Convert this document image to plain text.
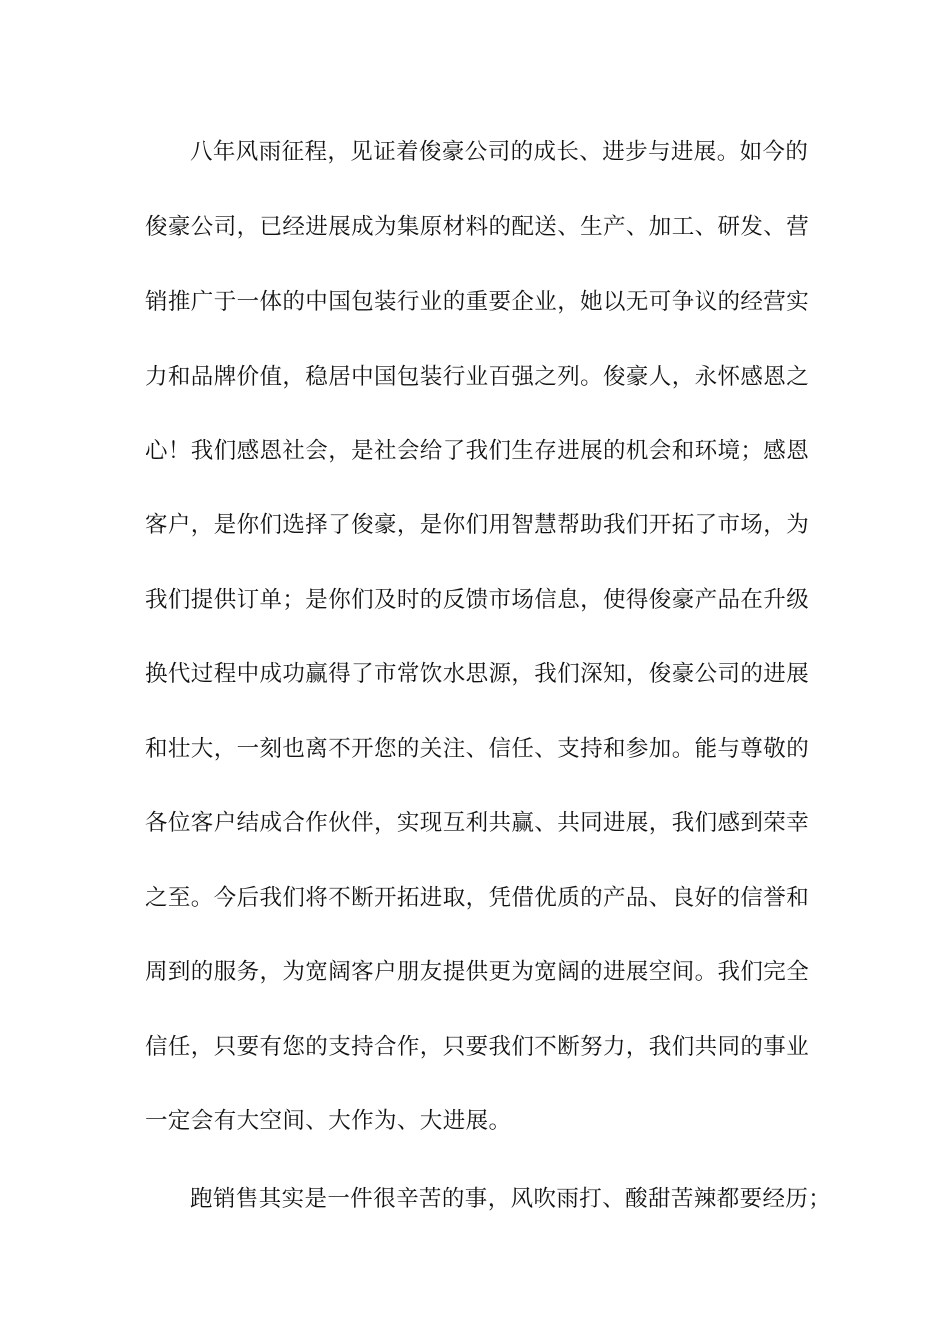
八年风雨征程，见证着俊豪公司的成长、进步与进展。如今的
俊豪公司，已经进展成为集原材料的配送、生产、加工、研发、营
销推广于一体的中国包装行业的重要企业，她以无可争议的经营实
力和品牌价值，稳居中国包装行业百强之列。俊豪人，永怀感恩之
心！我们感恩社会，是社会给了我们生存进展的机会和环境；感恩
客户，是你们选择了俊豪，是你们用智慧帮助我们开拓了市场，为
我们提供订单；是你们及时的反馈市场信息，使得俊豪产品在升级
换代过程中成功赢得了市常饮水思源，我们深知，俊豪公司的进展
和壮大，一刻也离不开您的关注、信任、支持和参加。能与尊敬的
各位客户结成合作伙伴，实现互利共赢、共同进展，我们感到荣幸
之至。今后我们将不断开拓进取，凭借优质的产品、良好的信誉和
周到的服务，为宽阔客户朋友提供更为宽阔的进展空间。我们完全
信任，只要有您的支持合作，只要我们不断努力，我们共同的事业
一定会有大空间、大作为、大进展。
跑销售其实是一件很辛苦的事，风吹雨打、酸甜苦辣都要经历；
